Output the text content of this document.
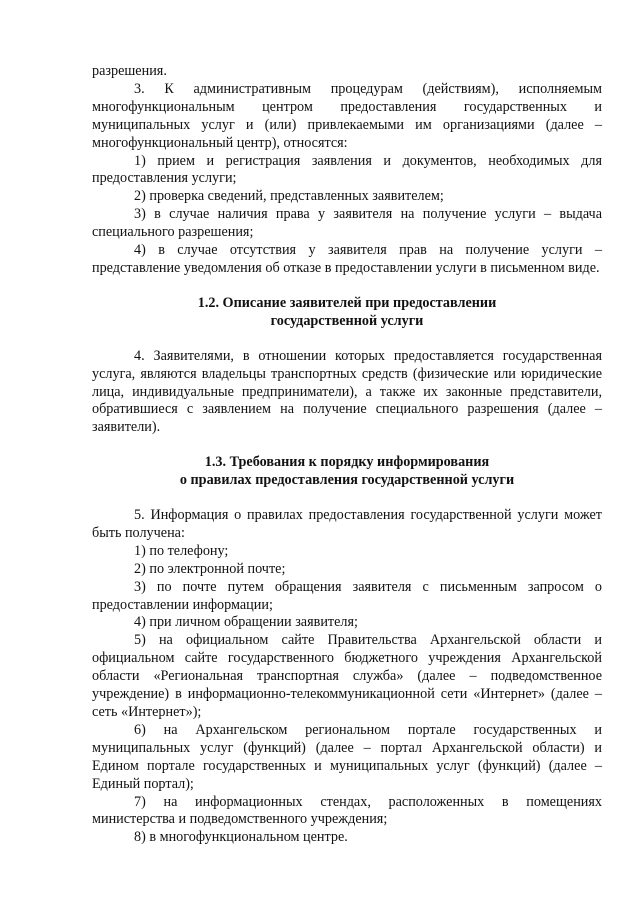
разрешения.

3. К административным процедурам (действиям), исполняемым многофункциональным центром предоставления государственных и муниципальных услуг и (или) привлекаемыми им организациями (далее – многофункциональный центр), относятся:

1) прием и регистрация заявления и документов, необходимых для предоставления услуги;

2) проверка сведений, представленных заявителем;

3) в случае наличия права у заявителя на получение услуги – выдача специального разрешения;

4) в случае отсутствия у заявителя прав на получение услуги – представление уведомления об отказе в предоставлении услуги в письменном виде.

1.2. Описание заявителей при предоставлении

государственной услуги

4. Заявителями, в отношении которых предоставляется государственная услуга, являются владельцы транспортных средств (физические или юридические лица, индивидуальные предприниматели), а также их законные представители, обратившиеся с заявлением на получение специального разрешения (далее – заявители).

1.3. Требования к порядку информирования

о правилах предоставления государственной услуги

5. Информация о правилах предоставления государственной услуги может быть получена:

1) по телефону;

2) по электронной почте;

3) по почте путем обращения заявителя с письменным запросом о предоставлении информации;

4) при личном обращении заявителя;

5) на официальном сайте Правительства Архангельской области и официальном сайте государственного бюджетного учреждения Архангельской области «Региональная транспортная служба» (далее – подведомственное учреждение) в информационно-телекоммуникационной сети «Интернет» (далее – сеть «Интернет»);

6) на Архангельском региональном портале государственных и муниципальных услуг (функций) (далее – портал Архангельской области) и Едином портале государственных и муниципальных услуг (функций) (далее – Единый портал);

7) на информационных стендах, расположенных в помещениях министерства и подведомственного учреждения;

8) в многофункциональном центре.
